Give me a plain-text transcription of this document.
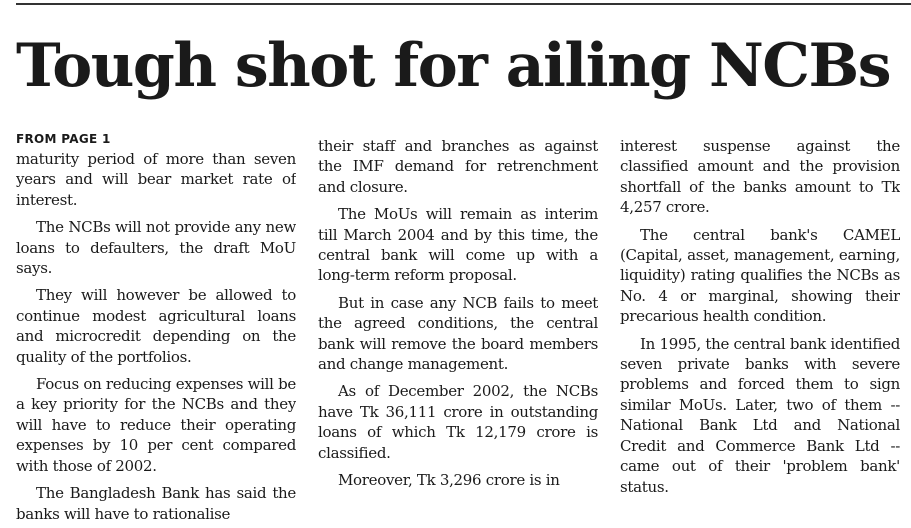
Tough shot for ailing NCBs
FROM PAGE 1

maturity period of more than seven years and will bear market rate of interest.

The NCBs will not provide any new loans to defaulters, the draft MoU says.

They will however be allowed to continue modest agricultural loans and microcredit depending on the quality of the portfolios.

Focus on reducing expenses will be a key priority for the NCBs and they will have to reduce their operating expenses by 10 per cent compared with those of 2002.

The Bangladesh Bank has said the banks will have to rationalise

their staff and branches as against the IMF demand for retrenchment and closure.

The MoUs will remain as interim till March 2004 and by this time, the central bank will come up with a long-term reform proposal.

But in case any NCB fails to meet the agreed conditions, the central bank will remove the board members and change management.

As of December 2002, the NCBs have Tk 36,111 crore in outstanding loans of which Tk 12,179 crore is classified.

Moreover, Tk 3,296 crore is in

interest suspense against the classified amount and the provision shortfall of the banks amount to Tk 4,257 crore.

The central bank's CAMEL (Capital, asset, management, earning, liquidity) rating qualifies the NCBs as No. 4 or marginal, showing their precarious health condition.

In 1995, the central bank identified seven private banks with severe problems and forced them to sign similar MoUs. Later, two of them -- National Bank Ltd and National Credit and Commerce Bank Ltd -- came out of their 'problem bank' status.
